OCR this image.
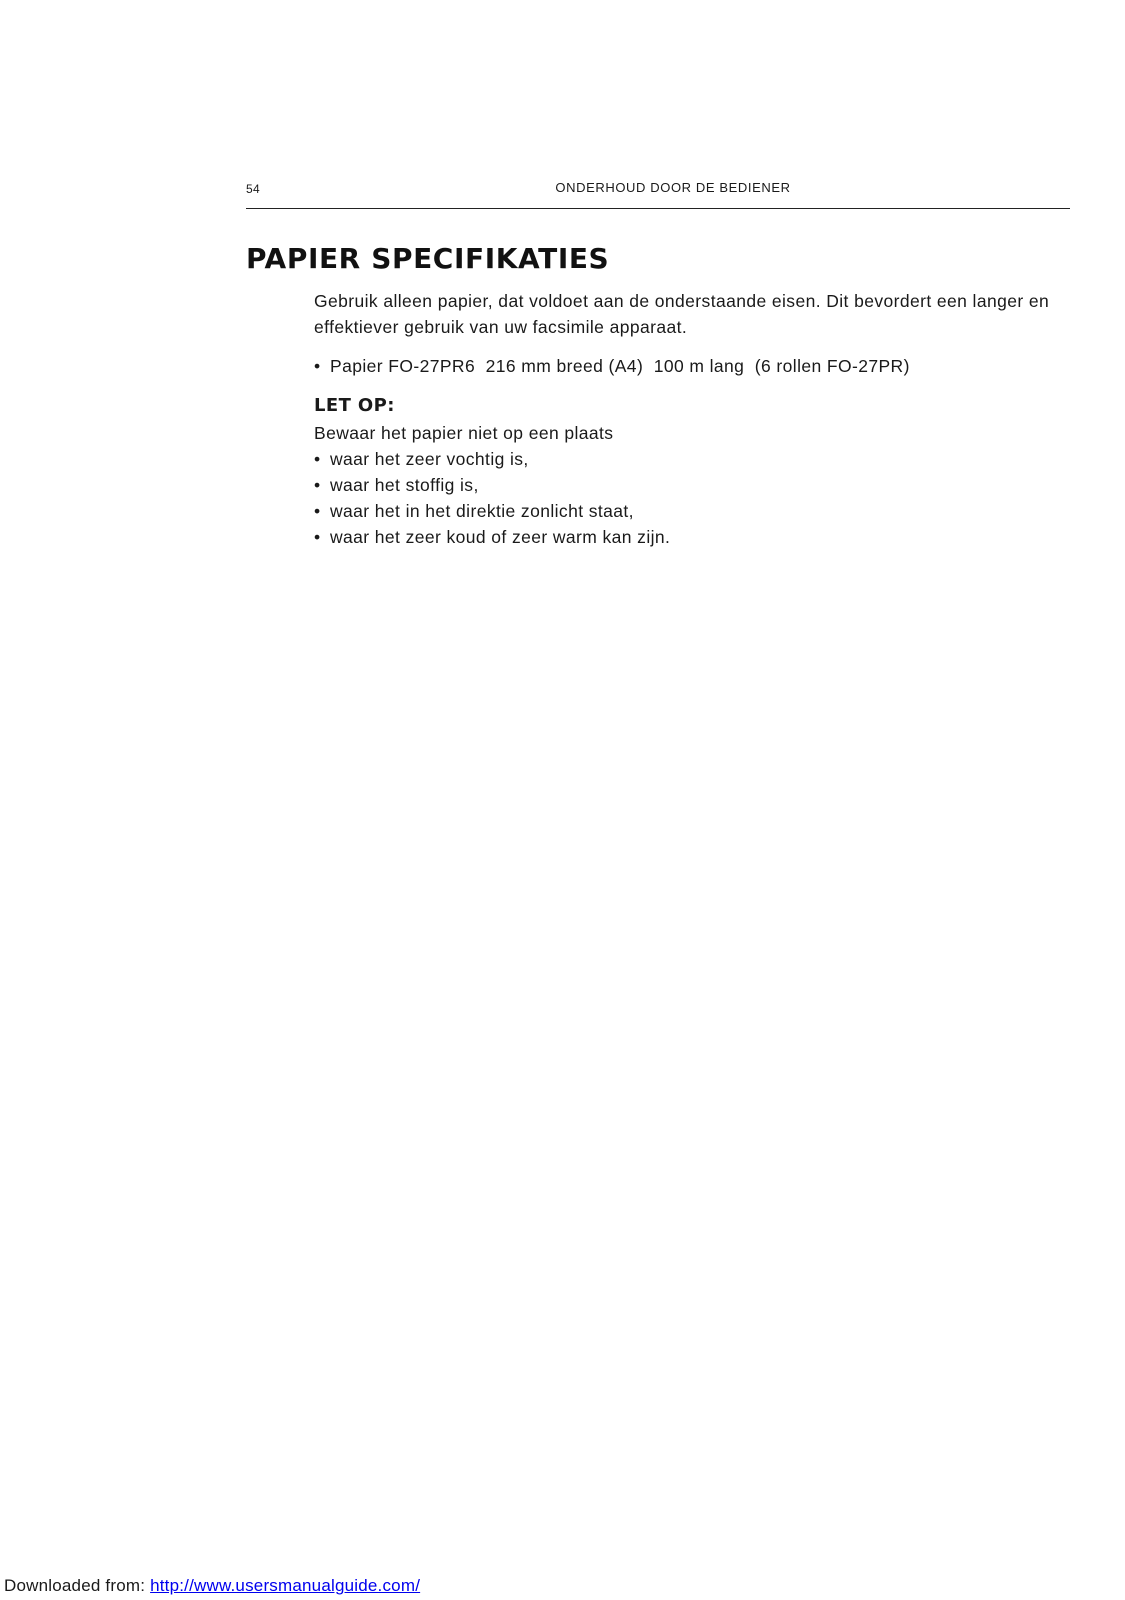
54	ONDERHOUD DOOR DE BEDIENER
PAPIER SPECIFIKATIES

Gebruik alleen papier, dat voldoet aan de onderstaande eisen. Dit bevordert een langer en effektiever gebruik van uw facsimile apparaat.

• Papier FO-27PR6  216 mm breed (A4)  100 m lang  (6 rollen FO-27PR)

LET OP:

Bewaar het papier niet op een plaats

• waar het zeer vochtig is,
• waar het stoffig is,
• waar het in het direktie zonlicht staat,
• waar het zeer koud of zeer warm kan zijn.
Downloaded from: http://www.usersmanualguide.com/
